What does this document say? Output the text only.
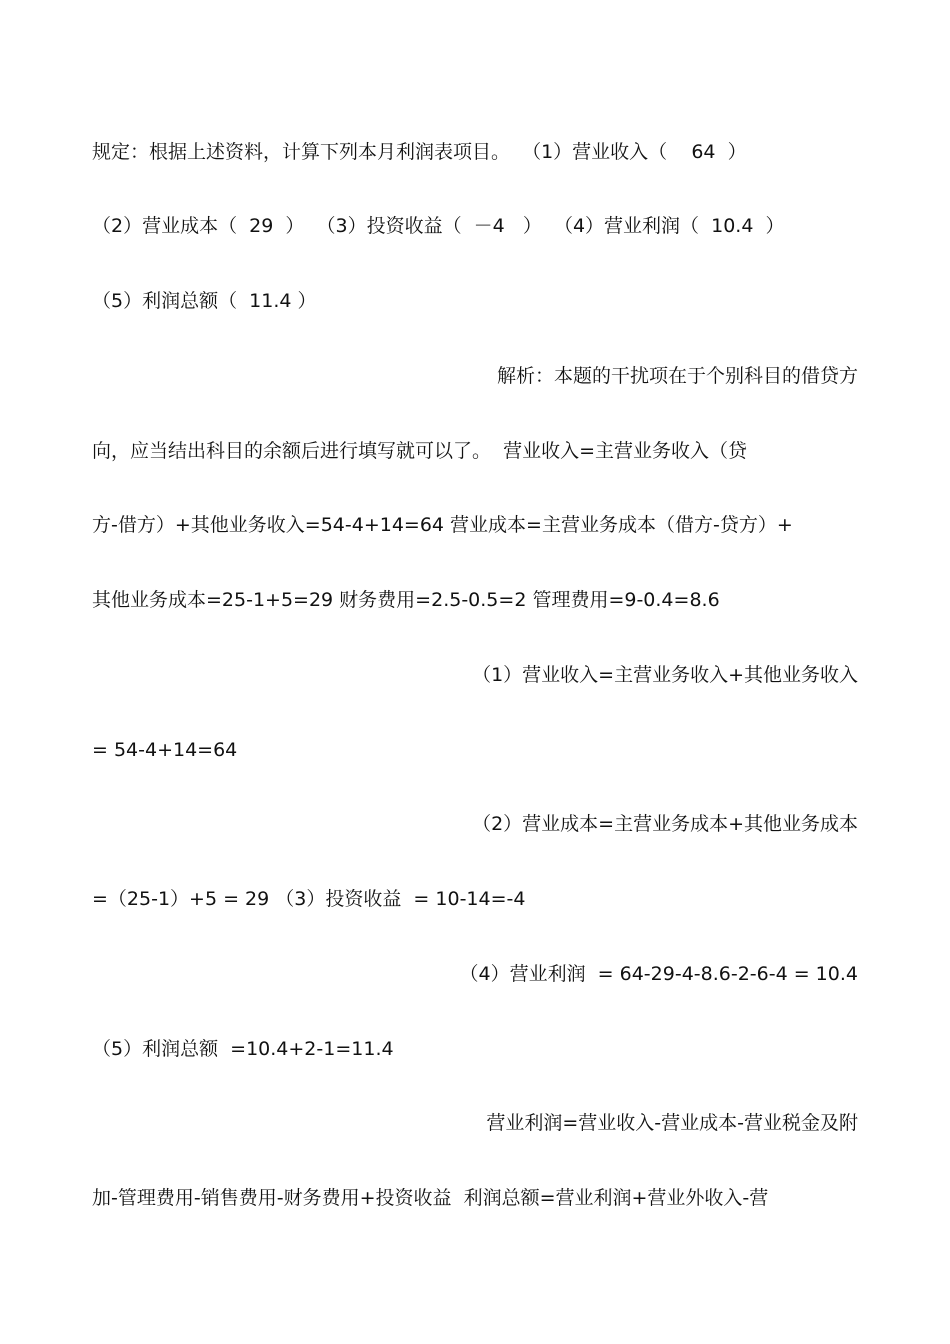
规定：根据上述资料，计算下列本月利润表项目。  （1）营业收入（    64  ）
（2）营业成本（  29  ）  （3）投资收益（  －4   ）  （4）营业利润（  10.4  ）
（5）利润总额（  11.4 ）
解析：本题的干扰项在于个别科目的借贷方
向，应当结出科目的余额后进行填写就可以了。  营业收入=主营业务收入（贷
方-借方）+其他业务收入=54-4+14=64 营业成本=主营业务成本（借方-贷方）+
其他业务成本=25-1+5=29 财务费用=2.5-0.5=2 管理费用=9-0.4=8.6
（1）营业收入=主营业务收入+其他业务收入
= 54-4+14=64
（2）营业成本=主营业务成本+其他业务成本
=（25-1）+5 = 29 （3）投资收益  = 10-14=-4
（4）营业利润  = 64-29-4-8.6-2-6-4 = 10.4
（5）利润总额  =10.4+2-1=11.4
营业利润=营业收入-营业成本-营业税金及附
加-管理费用-销售费用-财务费用+投资收益  利润总额=营业利润+营业外收入-营
